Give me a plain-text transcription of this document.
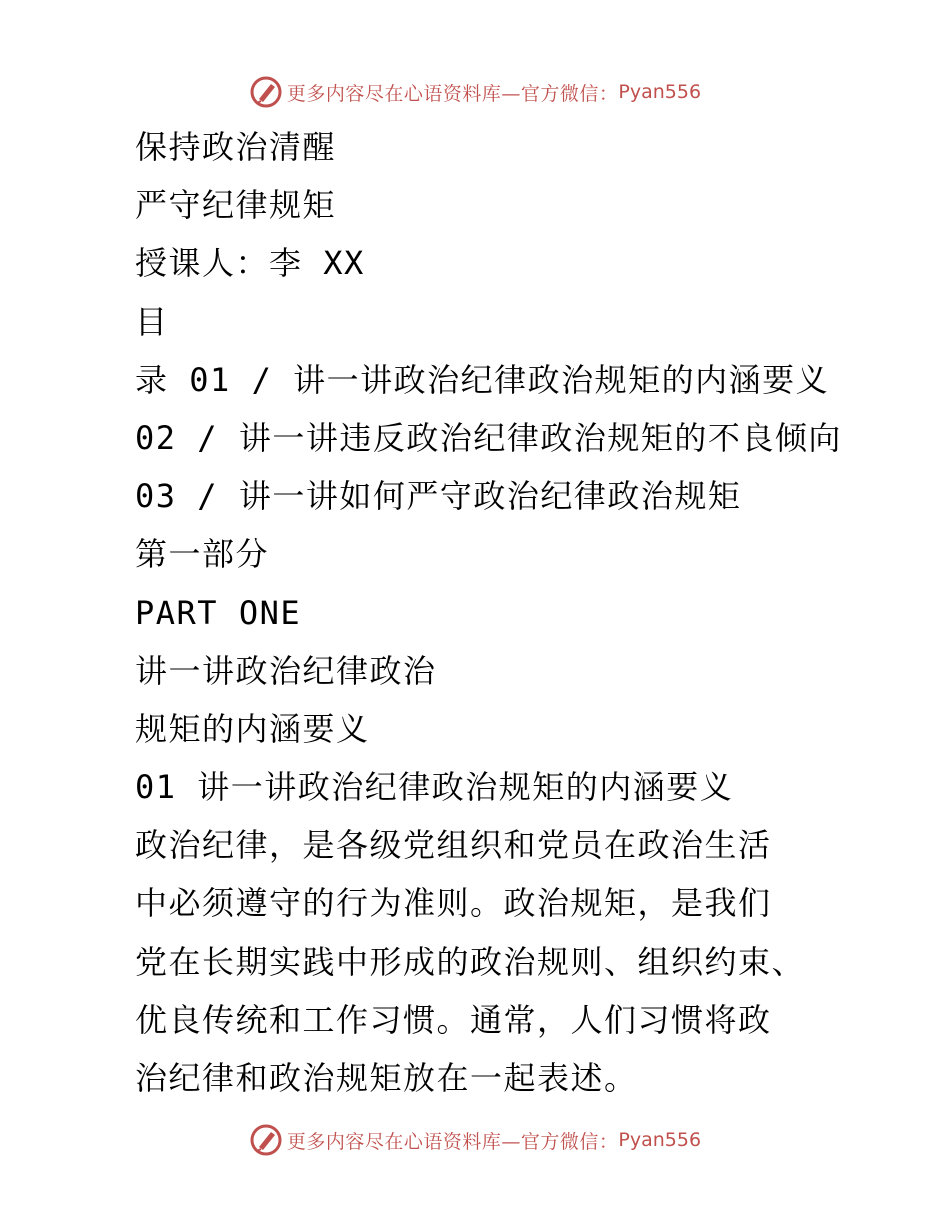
更多内容尽在心语资料库—官方微信： Pyan556
保持政治清醒
严守纪律规矩
授课人：李 XX
目
录 01 / 讲一讲政治纪律政治规矩的内涵要义
02 / 讲一讲违反政治纪律政治规矩的不良倾向
03 / 讲一讲如何严守政治纪律政治规矩
第一部分
PART ONE
讲一讲政治纪律政治
规矩的内涵要义
01 讲一讲政治纪律政治规矩的内涵要义
政治纪律，是各级党组织和党员在政治生活
中必须遵守的行为准则。政治规矩，是我们
党在长期实践中形成的政治规则、组织约束、
优良传统和工作习惯。通常，人们习惯将政
治纪律和政治规矩放在一起表述。
更多内容尽在心语资料库—官方微信： Pyan556
